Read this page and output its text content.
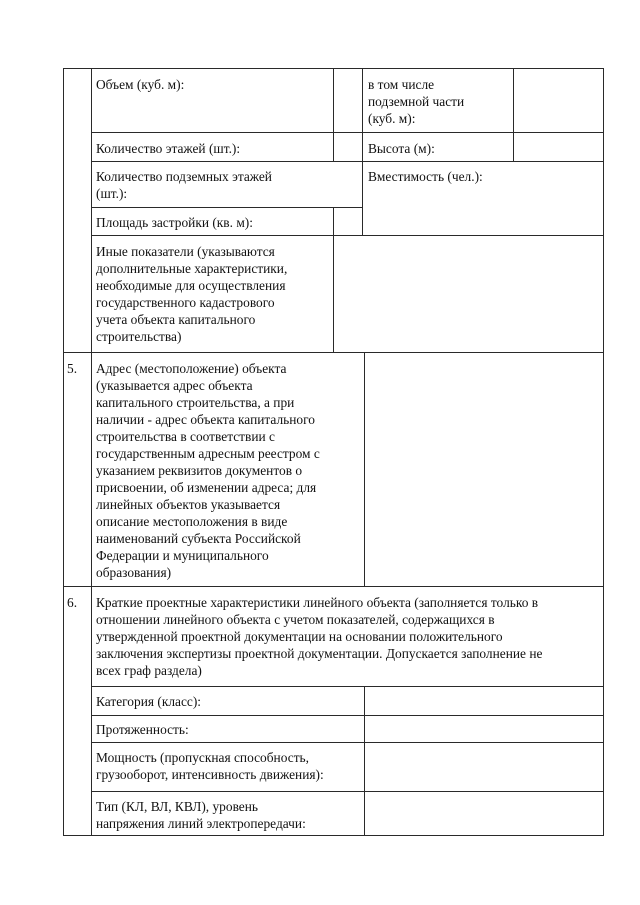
Объем (куб. м):	в том числе
подземной части
(куб. м):
Количество этажей (шт.):	Высота (м):
Количество подземных этажей
(шт.):
Вместимость (чел.):
Площадь застройки (кв. м):
Иные показатели (указываются
дополнительные характеристики,
необходимые для осуществления
государственного кадастрового
учета объекта капитального
строительства)
5. Адрес (местоположение) объекта
(указывается адрес объекта
капитального строительства, а при
наличии - адрес объекта капитального
строительства в соответствии с
государственным адресным реестром с
указанием реквизитов документов о
присвоении, об изменении адреса; для
линейных объектов указывается
описание местоположения в виде
наименований субъекта Российской
Федерации и муниципального
образования)
6. Краткие проектные характеристики линейного объекта (заполняется только в
отношении линейного объекта с учетом показателей, содержащихся в
утвержденной проектной документации на основании положительного
заключения экспертизы проектной документации. Допускается заполнение не
всех граф раздела)
Категория (класс):
Протяженность:
Мощность (пропускная способность,
грузооборот, интенсивность движения):
Тип (КЛ, ВЛ, КВЛ), уровень
напряжения линий электропередачи:
